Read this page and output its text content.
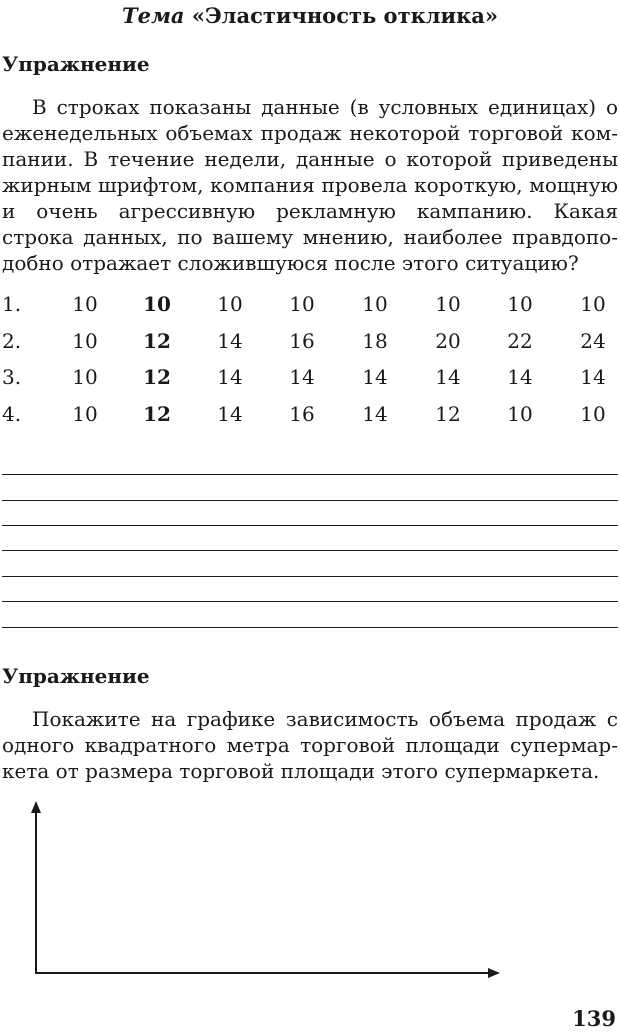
Тема «Эластичность отклика»
Упражнение
В строках показаны данные (в условных единицах) о еженедельных объемах продаж некоторой торговой компании. В течение недели, данные о которой приведены жирным шрифтом, компания провела короткую, мощную и очень агрессивную рекламную кампанию. Какая строка данных, по вашему мнению, наиболее правдоподобно отражает сложившуюся после этого ситуацию?
1.	10	10	10	10	10	10	10	10
2.	10	12	14	16	18	20	22	24
3.	10	12	14	14	14	14	14	14
4.	10	12	14	16	14	12	10	10
Упражнение
Покажите на графике зависимость объема продаж с одного квадратного метра торговой площади супермаркета от размера торговой площади этого супермаркета.
139
